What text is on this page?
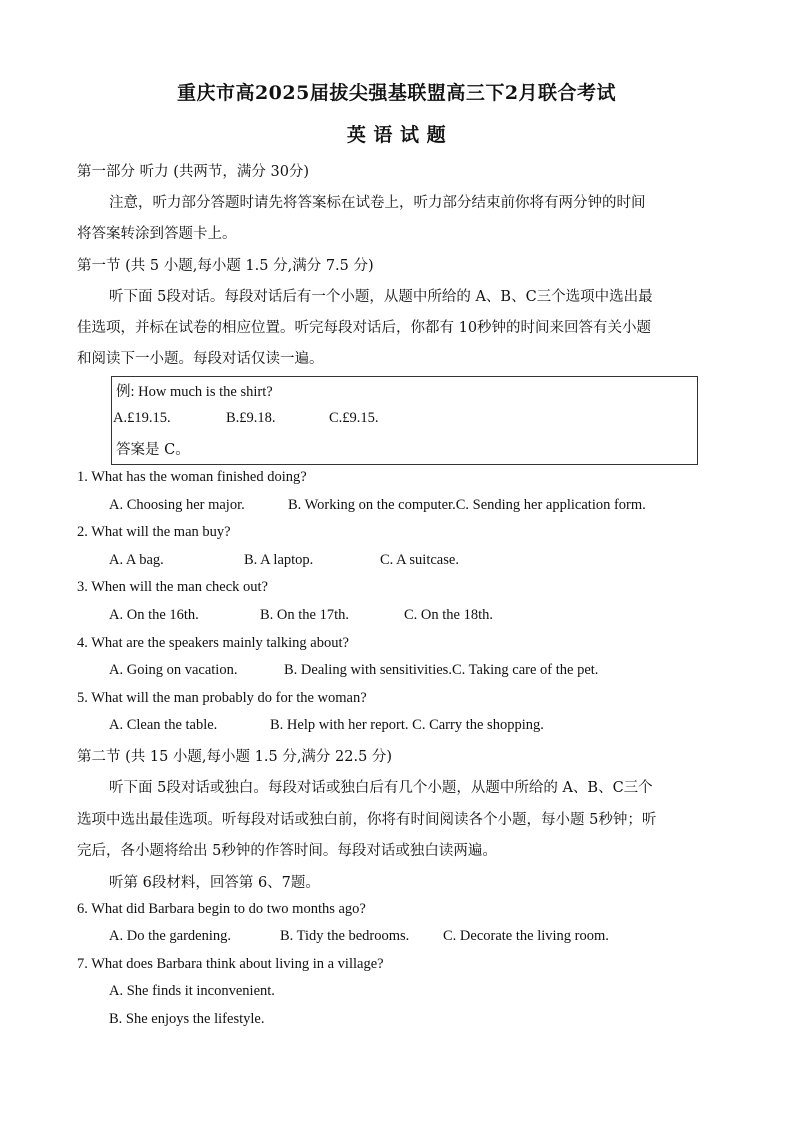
重庆市高2025届拔尖强基联盟高三下2月联合考试
英 语 试 题
第一部分 听力 (共两节，满分 30分)
注意，听力部分答题时请先将答案标在试卷上，听力部分结束前你将有两分钟的时间
将答案转涂到答题卡上。
第一节 (共 5 小题,每小题 1.5 分,满分 7.5 分)
听下面 5段对话。每段对话后有一个小题，从题中所给的 A、B、C三个选项中选出最
佳选项，并标在试卷的相应位置。听完每段对话后，你都有 10秒钟的时间来回答有关小题
和阅读下一小题。每段对话仅读一遍。
例: How much is the shirt?
A.£19.15.	B.£9.18.	C.£9.15.
答案是 C。
1. What has the woman finished doing?
A. Choosing her major.	B. Working on the computer.C. Sending her application form.
2. What will the man buy?
A. A bag.	B. A laptop.	C. A suitcase.
3. When will the man check out?
A. On the 16th.	B. On the 17th.	C. On the 18th.
4. What are the speakers mainly talking about?
A. Going on vacation.	B. Dealing with sensitivities.C. Taking care of the pet.
5. What will the man probably do for the woman?
A. Clean the table.	B. Help with her report. C. Carry the shopping.
第二节 (共 15 小题,每小题 1.5 分,满分 22.5 分)
听下面 5段对话或独白。每段对话或独白后有几个小题，从题中所给的 A、B、C三个
选项中选出最佳选项。听每段对话或独白前，你将有时间阅读各个小题，每小题 5秒钟；听
完后，各小题将给出 5秒钟的作答时间。每段对话或独白读两遍。
听第 6段材料，回答第 6、7题。
6. What did Barbara begin to do two months ago?
A. Do the gardening.	B. Tidy the bedrooms. C. Decorate the living room.
7. What does Barbara think about living in a village?
A. She finds it inconvenient.
B. She enjoys the lifestyle.
